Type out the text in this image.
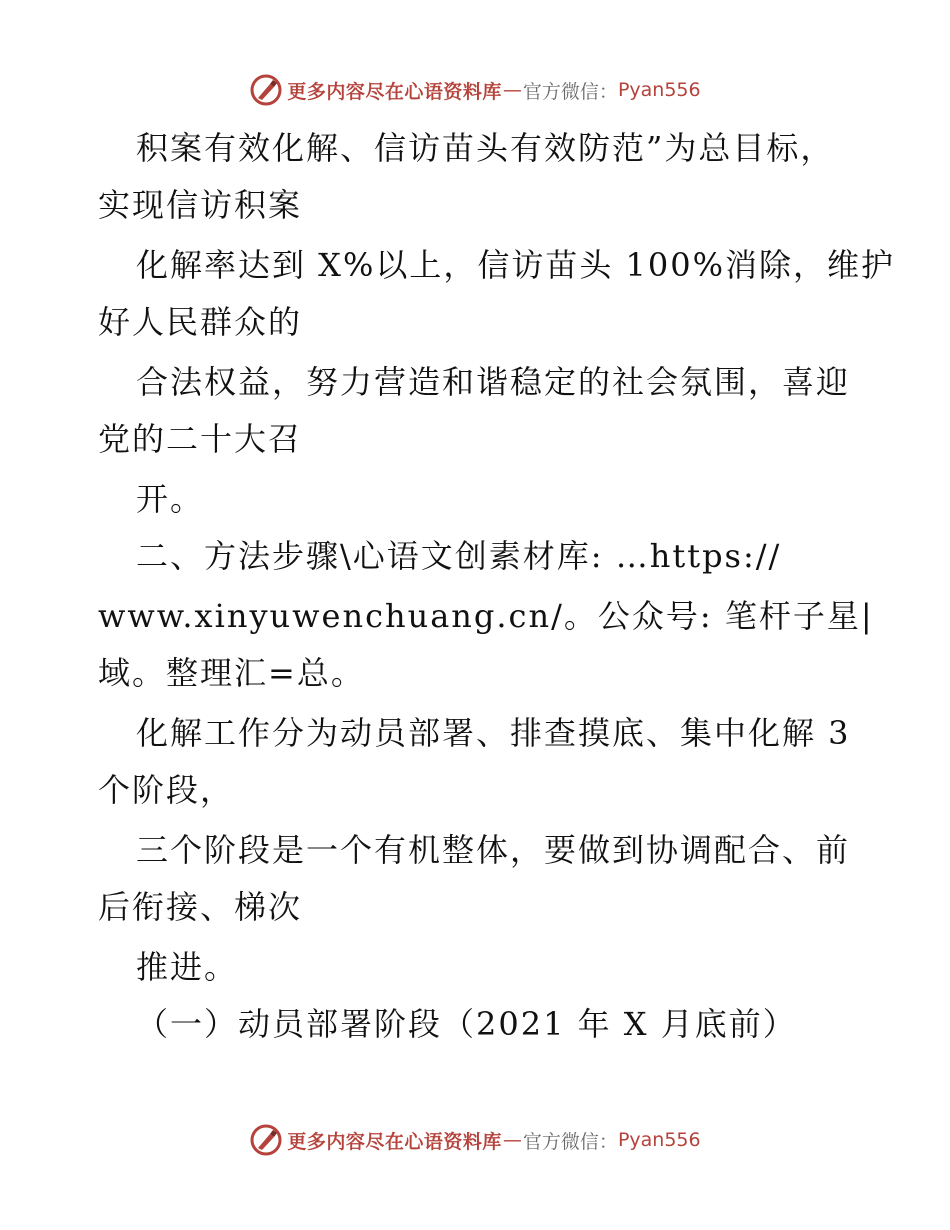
更多内容尽在心语资料库 — 官方微信： Pyan556
积案有效化解、信访苗头有效防范”为总目标，
实现信访积案
化解率达到 X%以上，信访苗头 100%消除，维护
好人民群众的
合法权益，努力营造和谐稳定的社会氛围，喜迎
党的二十大召
开。
二、方法步骤\心语文创素材库: …https://
www.xinyuwenchuang.cn/。公众号: 笔杆子星|
域。整理汇=总。
化解工作分为动员部署、排查摸底、集中化解 3
个阶段，
三个阶段是一个有机整体，要做到协调配合、前
后衔接、梯次
推进。
（一）动员部署阶段（2021 年 X 月底前）
更多内容尽在心语资料库 — 官方微信： Pyan556
